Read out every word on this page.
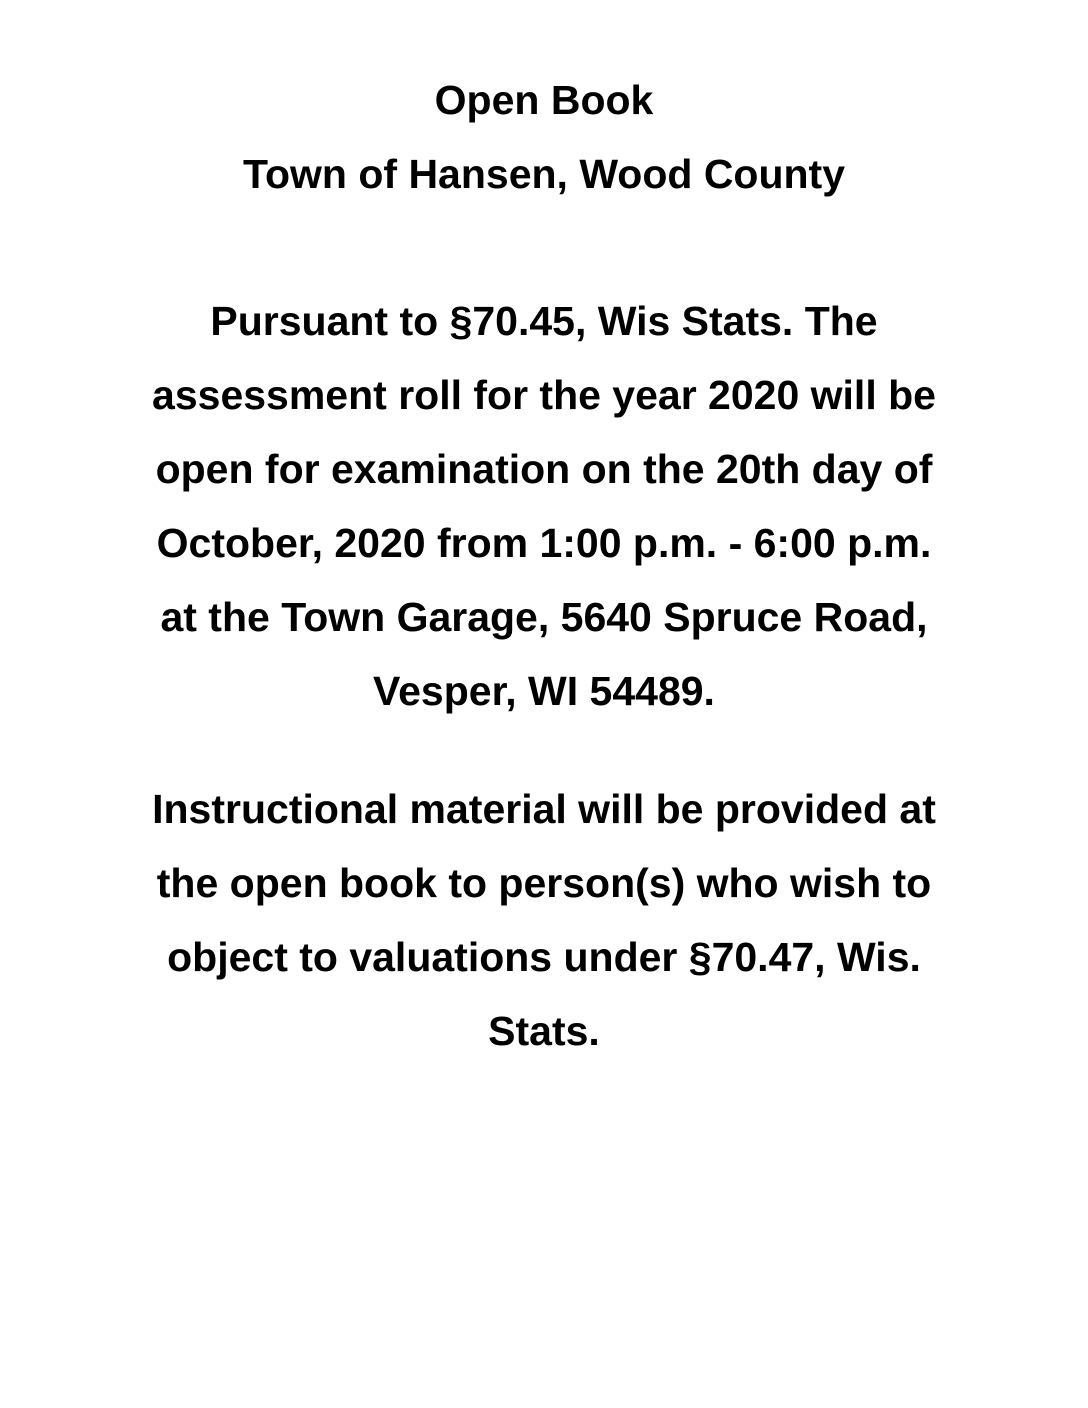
Open Book
Town of Hansen, Wood County
Pursuant to §70.45, Wis Stats. The
assessment roll for the year 2020 will be
open for examination on the 20th day of
October, 2020 from 1:00 p.m. - 6:00 p.m.
at the Town Garage, 5640 Spruce Road,
Vesper, WI 54489.
Instructional material will be provided at
the open book to person(s) who wish to
object to valuations under §70.47, Wis.
Stats.
